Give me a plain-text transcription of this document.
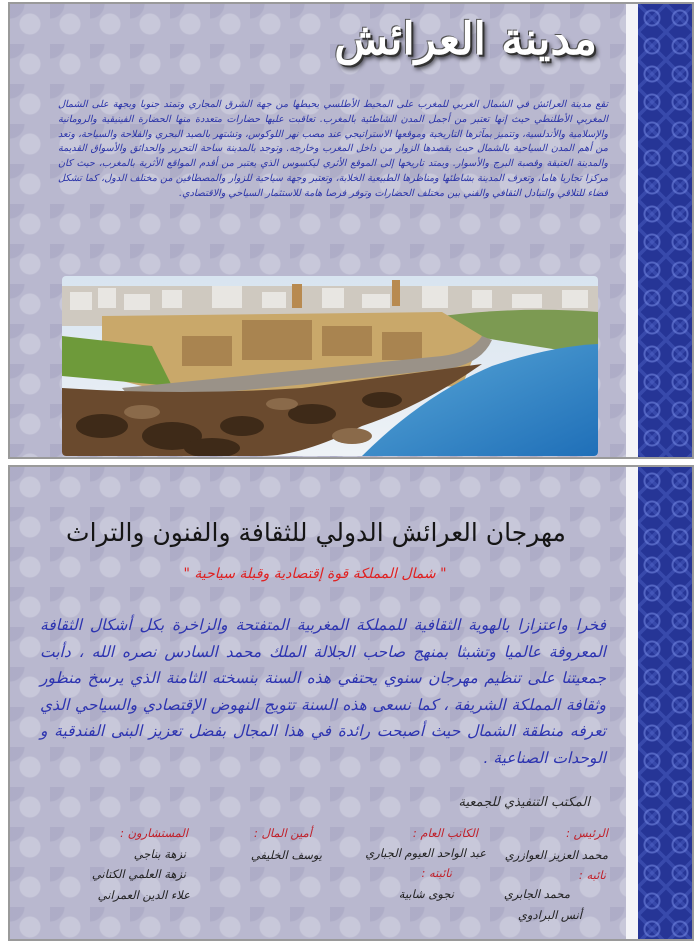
مدينة العرائش
تقع مدينة العرائش في الشمال الغربي للمغرب على المحيط الأطلسي يحيطها من جهة الشرق المجاري وتمتد جنوبا وبجهة على الشمال المغربي الأطلنطي حيث إنها تعتبر من أجمل المدن الشاطئية بالمغرب. تعاقبت عليها حضارات متعددة منها الحضارة الفينيقية والرومانية والإسلامية والأندلسية، وتتميز بمآثرها التاريخية وموقعها الاستراتيجي عند مصب نهر اللوكوس، وتشتهر بالصيد البحري والفلاحة والسياحة، وتعد من أهم المدن السياحية بالشمال حيث يقصدها الزوار من داخل المغرب وخارجه. وتوجد بالمدينة ساحة التحرير والحدائق والأسواق القديمة والمدينة العتيقة وقصبة البرج والأسوار. ويمتد تاريخها إلى الموقع الأثري ليكسوس الذي يعتبر من أقدم المواقع الأثرية بالمغرب، حيث كان مركزا تجاريا هاما، وتعرف المدينة بشاطئها ومناظرها الطبيعية الخلابة، وتعتبر وجهة سياحية للزوار والمصطافين من مختلف الدول، كما تشكل فضاء للتلاقي والتبادل الثقافي والفني بين مختلف الحضارات وتوفر فرصا هامة للاستثمار السياحي والاقتصادي.
مهرجان العرائش الدولي للثقافة والفنون والتراث
" شمال المملكة قوة إقتصادية وقبلة سياحية "
فخرا واعتزازا بالهوية الثقافية للمملكة المغربية المتفتحة والزاخرة بكل أشكال الثقافة المعروفة عالميا وتشبثا بمنهج صاحب الجلالة الملك محمد السادس نصره الله ، دأبت جمعيتنا على تنظيم مهرجان سنوي يحتفي هذه السنة بنسخته الثامنة الذي يرسخ منظور وثقافة المملكة الشريفة ، كما نسعى هذه السنة تتويج النهوض الإقتصادي والسياحي الذي تعرفه منطقة الشمال حيث أصبحت رائدة في هذا المجال بفضل تعزيز البنى الفندقية و الوحدات الصناعية .
المكتب التنفيذي للجمعية
الرئيس :
الكاتب العام :
أمين المال :
المستشارون :
محمد العزيز العوازري
عبد الواحد العيوم الجباري
يوسف الخليفي
نزهة بناجي
نائبه :
نائبته :
نزهة العلمي الكتاني
محمد الجابري
نجوى شابية
علاء الدين العمراني
أنس البرادوي
